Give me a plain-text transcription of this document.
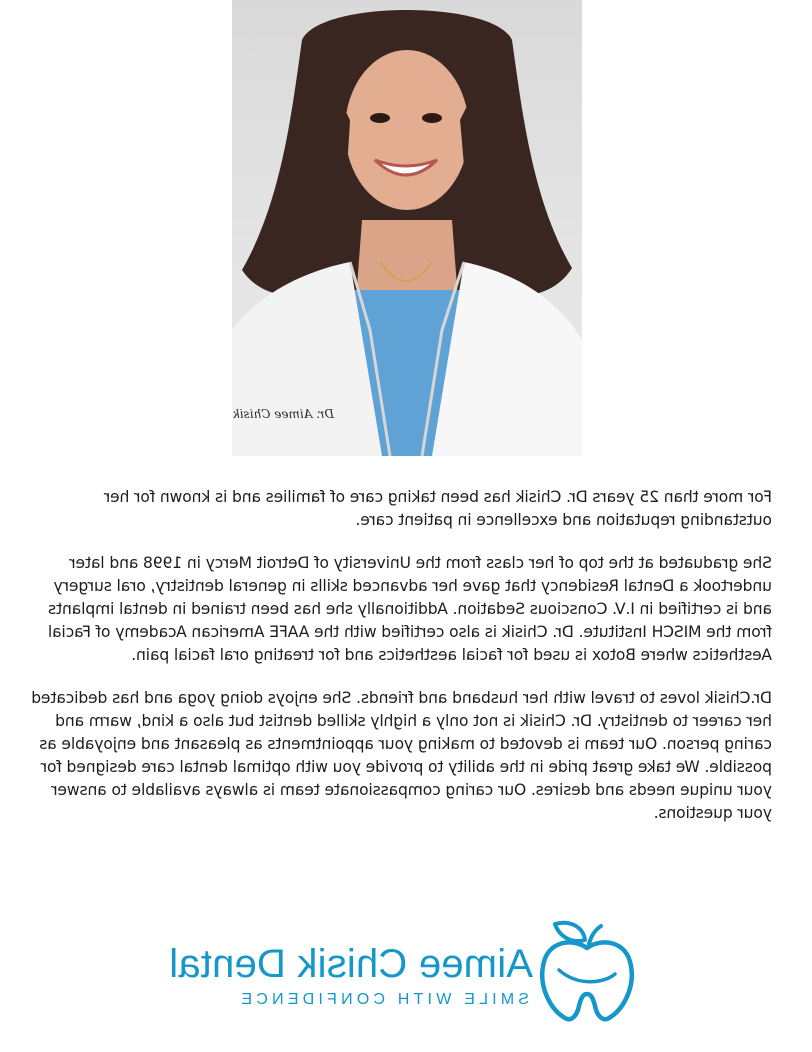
Dr. Aimee Chisik

For more than 25 years Dr. Chisik has been taking care of families and is known for her outstanding reputation and excellence in patient care.

She graduated at the top of her class from the University of Detroit Mercy in 1998 and later undertook a Dental Residency that gave her advanced skills in general dentistry, oral surgery and is certified in I.V. Conscious Sedation. Additionally she has been trained in dental implants from the MISCH Institute. Dr. Chisik is also certified with the AAFE American Academy of Facial Aesthetics where Botox is used for facial aesthetics and for treating oral facial pain.

Dr.Chisik loves to travel with her husband and friends. She enjoys doing yoga and has dedicated her career to dentistry. Dr. Chisik is not only a highly skilled dentist but also a kind, warm and caring person. Our team is devoted to making your appointments as pleasant and enjoyable as possible. We take great pride in the ability to provide you with optimal dental care designed for your unique needs and desires. Our caring compassionate team is always available to answer your questions.

Aimee Chisik Dental
SMILE WITH CONFIDENCE
